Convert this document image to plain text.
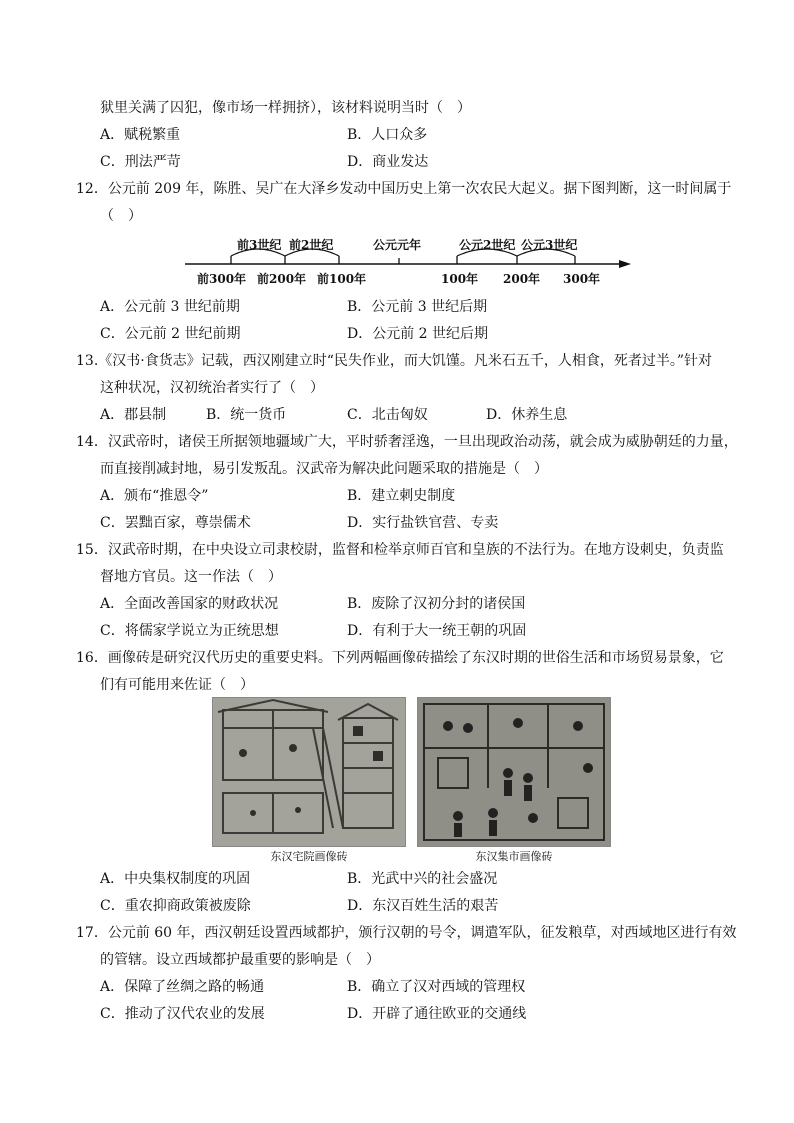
狱里关满了囚犯，像市场一样拥挤），该材料说明当时（　）
A．赋税繁重	B．人口众多
C．刑法严苛	D．商业发达
12．公元前 209 年，陈胜、吴广在大泽乡发动中国历史上第一次农民大起义。据下图判断，这一时间属于
（　）
前3世纪 前2世纪	公元元年	公元2世纪 公元3世纪
前300年 前200年 前100年	100年 200年 300年
A．公元前 3 世纪前期	B．公元前 3 世纪后期
C．公元前 2 世纪前期	D．公元前 2 世纪后期
13.《汉书·食货志》记载，西汉刚建立时“民失作业，而大饥馑。凡米石五千，人相食，死者过半。”针对
这种状况，汉初统治者实行了（　）
A．郡县制	B．统一货币	C．北击匈奴	D．休养生息
14．汉武帝时，诸侯王所据领地疆域广大，平时骄奢淫逸，一旦出现政治动荡，就会成为威胁朝廷的力量，
而直接削减封地，易引发叛乱。汉武帝为解决此问题采取的措施是（　）
A．颁布“推恩令”	B．建立刺史制度
C．罢黜百家，尊崇儒术	D．实行盐铁官营、专卖
15．汉武帝时期，在中央设立司隶校尉，监督和检举京师百官和皇族的不法行为。在地方设刺史，负责监
督地方官员。这一作法（　）
A．全面改善国家的财政状况	B．废除了汉初分封的诸侯国
C．将儒家学说立为正统思想	D．有利于大一统王朝的巩固
16．画像砖是研究汉代历史的重要史料。下列两幅画像砖描绘了东汉时期的世俗生活和市场贸易景象，它
们有可能用来佐证（　）
东汉宅院画像砖	东汉集市画像砖
A．中央集权制度的巩固	B．光武中兴的社会盛况
C．重农抑商政策被废除	D．东汉百姓生活的艰苦
17．公元前 60 年，西汉朝廷设置西域都护，颁行汉朝的号令，调遣军队，征发粮草，对西域地区进行有效
的管辖。设立西域都护最重要的影响是（　）
A．保障了丝绸之路的畅通	B．确立了汉对西域的管理权
C．推动了汉代农业的发展	D．开辟了通往欧亚的交通线
